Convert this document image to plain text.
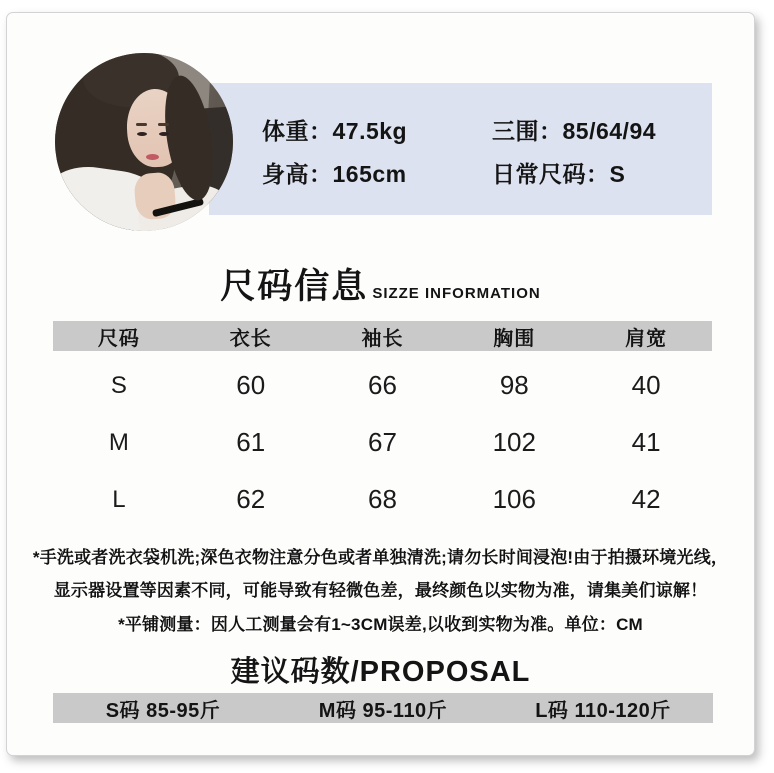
体重：47.5kg
身高：165cm
三围：85/64/94
日常尺码：S
尺码信息 SIZZE INFORMATION
尺码	衣长	袖长	胸围	肩宽
S	60	66	98	40
M	61	67	102	41
L	62	68	106	42
*手洗或者洗衣袋机洗;深色衣物注意分色或者单独清洗;请勿长时间浸泡!由于拍摄环境光线，
显示器设置等因素不同，可能导致有轻微色差，最终颜色以实物为准，请集美们谅解！
*平铺测量：因人工测量会有1~3CM误差,以收到实物为准。单位：CM
建议码数/PROPOSAL
S码 85-95斤	M码 95-110斤	L码 110-120斤
